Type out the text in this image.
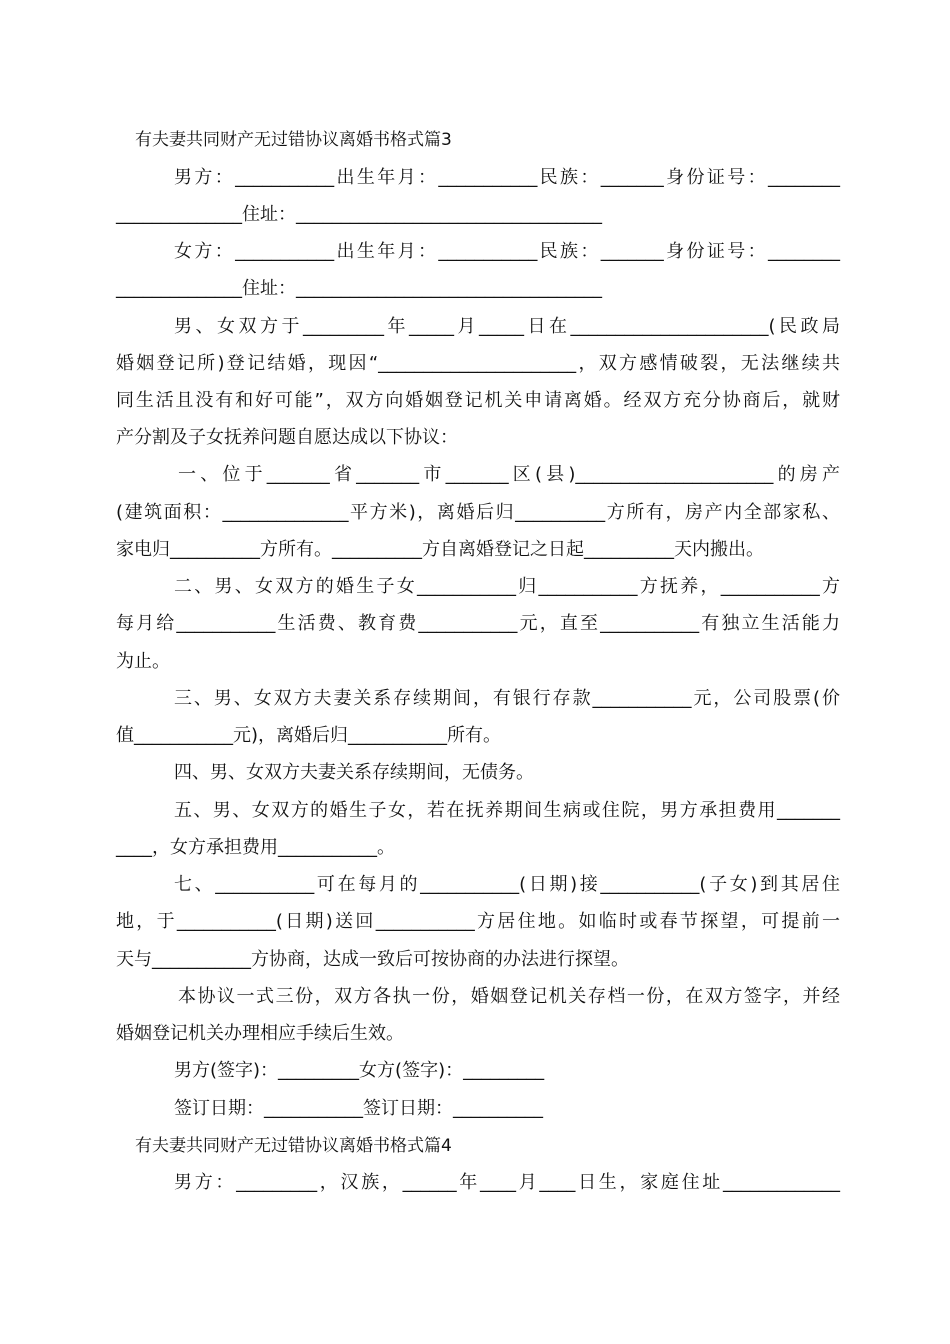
有夫妻共同财产无过错协议离婚书格式篇3
男方：___________出生年月：___________民族：_______身份证号：________
______________住址：__________________________________
女方：___________出生年月：___________民族：_______身份证号：________
______________住址：__________________________________
男、女双方于_________年_____月_____日在______________________(民政局
婚姻登记所)登记结婚，现因“______________________，双方感情破裂，无法继续共
同生活且没有和好可能”，双方向婚姻登记机关申请离婚。经双方充分协商后，就财
产分割及子女抚养问题自愿达成以下协议：
一、位于_______省_______市_______区(县)______________________的房产
(建筑面积：______________平方米)，离婚后归__________方所有，房产内全部家私、
家电归__________方所有。__________方自离婚登记之日起__________天内搬出。
二、男、女双方的婚生子女___________归___________方抚养，___________方
每月给___________生活费、教育费___________元，直至___________有独立生活能力
为止。
三、男、女双方夫妻关系存续期间，有银行存款___________元，公司股票(价
值___________元)，离婚后归___________所有。
四、男、女双方夫妻关系存续期间，无债务。
五、男、女双方的婚生子女，若在抚养期间生病或住院，男方承担费用_______
____，女方承担费用___________。
七、___________可在每月的___________(日期)接___________(子女)到其居住
地，于___________(日期)送回___________方居住地。如临时或春节探望，可提前一
天与___________方协商，达成一致后可按协商的办法进行探望。
本协议一式三份，双方各执一份，婚姻登记机关存档一份，在双方签字，并经
婚姻登记机关办理相应手续后生效。
男方(签字)：_________女方(签字)：_________
签订日期：___________签订日期：__________
有夫妻共同财产无过错协议离婚书格式篇4
男方：_________，汉族，______年____月____日生，家庭住址_____________
